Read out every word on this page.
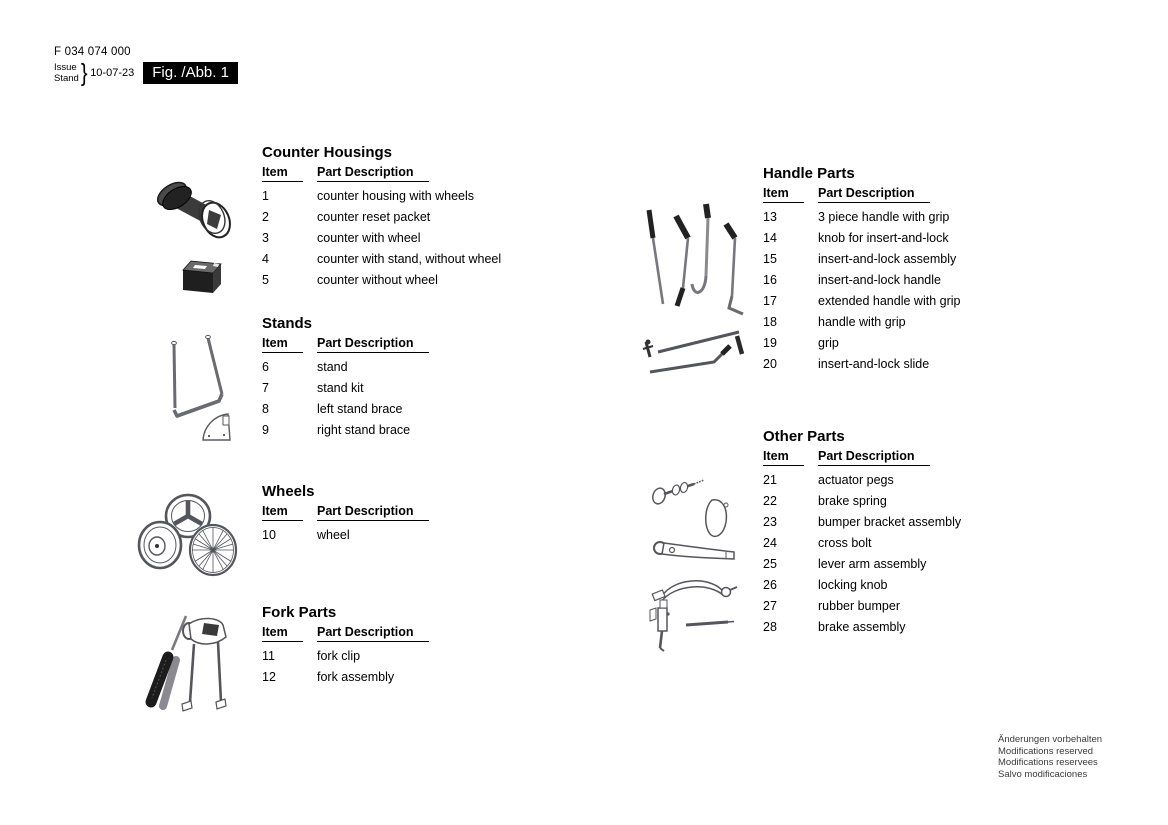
F 034 074 000
Issue
Stand } 10-07-23	Fig. /Abb. 1
Counter Housings
Item Part Description
1	counter housing with wheels
2	counter reset packet
3	counter with wheel
4	counter with stand, without wheel
5	counter without wheel
Stands
Item Part Description
6	stand
7	stand kit
8	left stand brace
9	right stand brace
Wheels
Item Part Description
10	wheel
Fork Parts
Item Part Description
11	fork clip
12	fork assembly
Handle Parts
Item Part Description
13	3 piece handle with grip
14	knob for insert-and-lock
15	insert-and-lock assembly
16	insert-and-lock handle
17	extended handle with grip
18	handle with grip
19	grip
20	insert-and-lock slide
Other Parts
Item Part Description
21	actuator pegs
22	brake spring
23	bumper bracket assembly
24	cross bolt
25	lever arm assembly
26	locking knob
27	rubber bumper
28	brake assembly
Änderungen vorbehalten
Modifications reserved
Modifications reservees
Salvo modificaciones
